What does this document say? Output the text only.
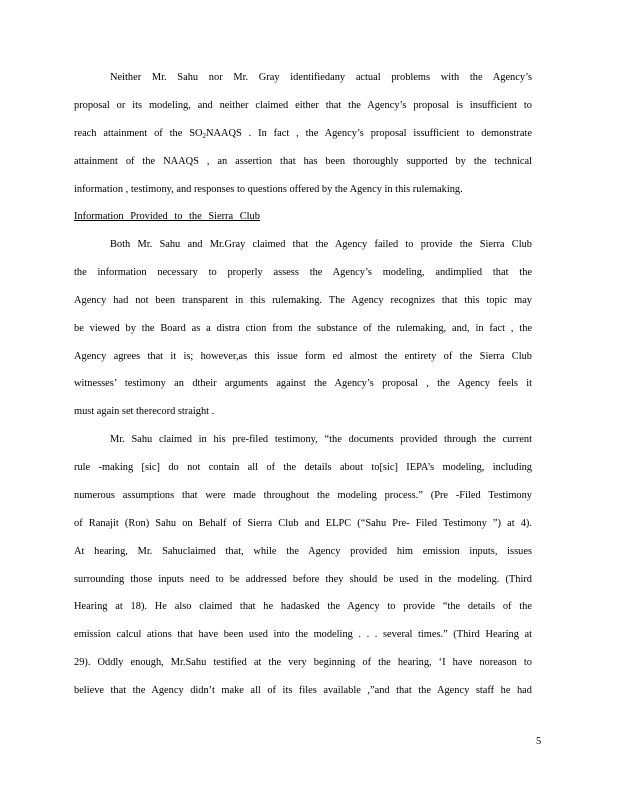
Neither Mr. Sahu nor Mr. Gray identifiedany actual problems with the Agency’s
proposal or its modeling, and neither claimed either that the Agency’s proposal is insufficient to
reach attainment of the $SO_2NAAQS$ . In fact , the Agency’s proposal issufficient to demonstrate
attainment of the NAAQS , an assertion that has been thoroughly supported by the technical
information , testimony, and responses to questions offered by the Agency in this rulemaking.
Information Provided to the Sierra Club
Both Mr. Sahu and Mr.Gray claimed that the Agency failed to provide the Sierra Club
the information necessary to properly assess the Agency’s modeling, andimplied that the
Agency had not been transparent in this rulemaking. The Agency recognizes that this topic may
be viewed by the Board as a distra ction from the substance of the rulemaking, and, in fact , the
Agency agrees that it is; however,as this issue form ed almost the entirety of the Sierra Club
witnesses’ testimony an dtheir arguments against the Agency’s proposal , the Agency feels it
must again set therecord straight .
Mr. Sahu claimed in his pre-filed testimony, “the documents provided through the current
rule -making [sic] do not contain all of the details about to[sic] IEPA’s modeling, including
numerous assumptions that were made throughout the modeling process.” (Pre -Filed Testimony
of Ranajit (Ron) Sahu on Behalf of Sierra Club and ELPC (“Sahu Pre- Filed Testimony ”) at 4).
At hearing, Mr. Sahuclaimed that, while the Agency provided him emission inputs, issues
surrounding those inputs need to be addressed before they should be used in the modeling. (Third
Hearing at 18). He also claimed that he hadasked the Agency to provide “the details of the
emission calcul ations that have been used into the modeling . . . several times.” (Third Hearing at
29). Oddly enough, Mr.Sahu testified at the very beginning of the hearing, ‘I have noreason to
believe that the Agency didn’t make all of its files available ,”and that the Agency staff he had
5
